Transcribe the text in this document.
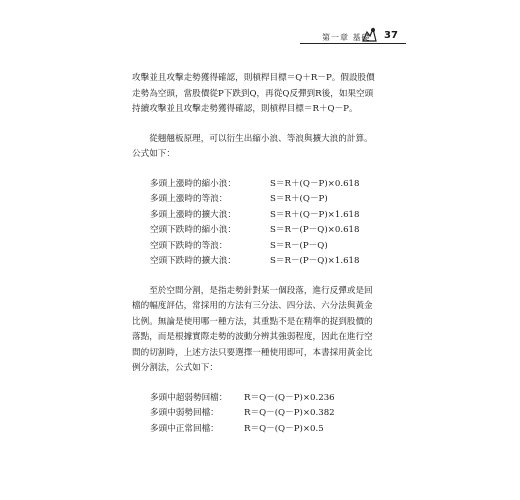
第一章 基礎 37
攻擊並且攻擊走勢獲得確認，則槓桿目標＝Q＋R－P。假設股價
走勢為空頭，當股價從P下跌到Q，再從Q反彈到R後，如果空頭
持續攻擊並且攻擊走勢獲得確認，則槓桿目標＝R＋Q－P。
從翹翹板原理，可以衍生出縮小浪、等浪與擴大浪的計算。
公式如下：
多頭上漲時的縮小浪：	S＝R＋(Q－P)×0.618
多頭上漲時的等浪：	S＝R＋(Q－P)
多頭上漲時的擴大浪：	S＝R＋(Q－P)×1.618
空頭下跌時的縮小浪：	S＝R－(P－Q)×0.618
空頭下跌時的等浪：	S＝R－(P－Q)
空頭下跌時的擴大浪：	S＝R－(P－Q)×1.618
至於空間分割，是指走勢針對某一個段落，進行反彈或是回
檔的幅度評估，常採用的方法有三分法、四分法、六分法與黃金
比例。無論是使用哪一種方法，其重點不是在精準的捉到股價的
落點，而是根據實際走勢的波動分辨其強弱程度，因此在進行空
間的切割時，上述方法只要選擇一種使用即可，本書採用黃金比
例分割法，公式如下：
多頭中超弱勢回檔： R＝Q－(Q－P)×0.236
多頭中弱勢回檔：	R＝Q－(Q－P)×0.382
多頭中正常回檔：	R＝Q－(Q－P)×0.5
